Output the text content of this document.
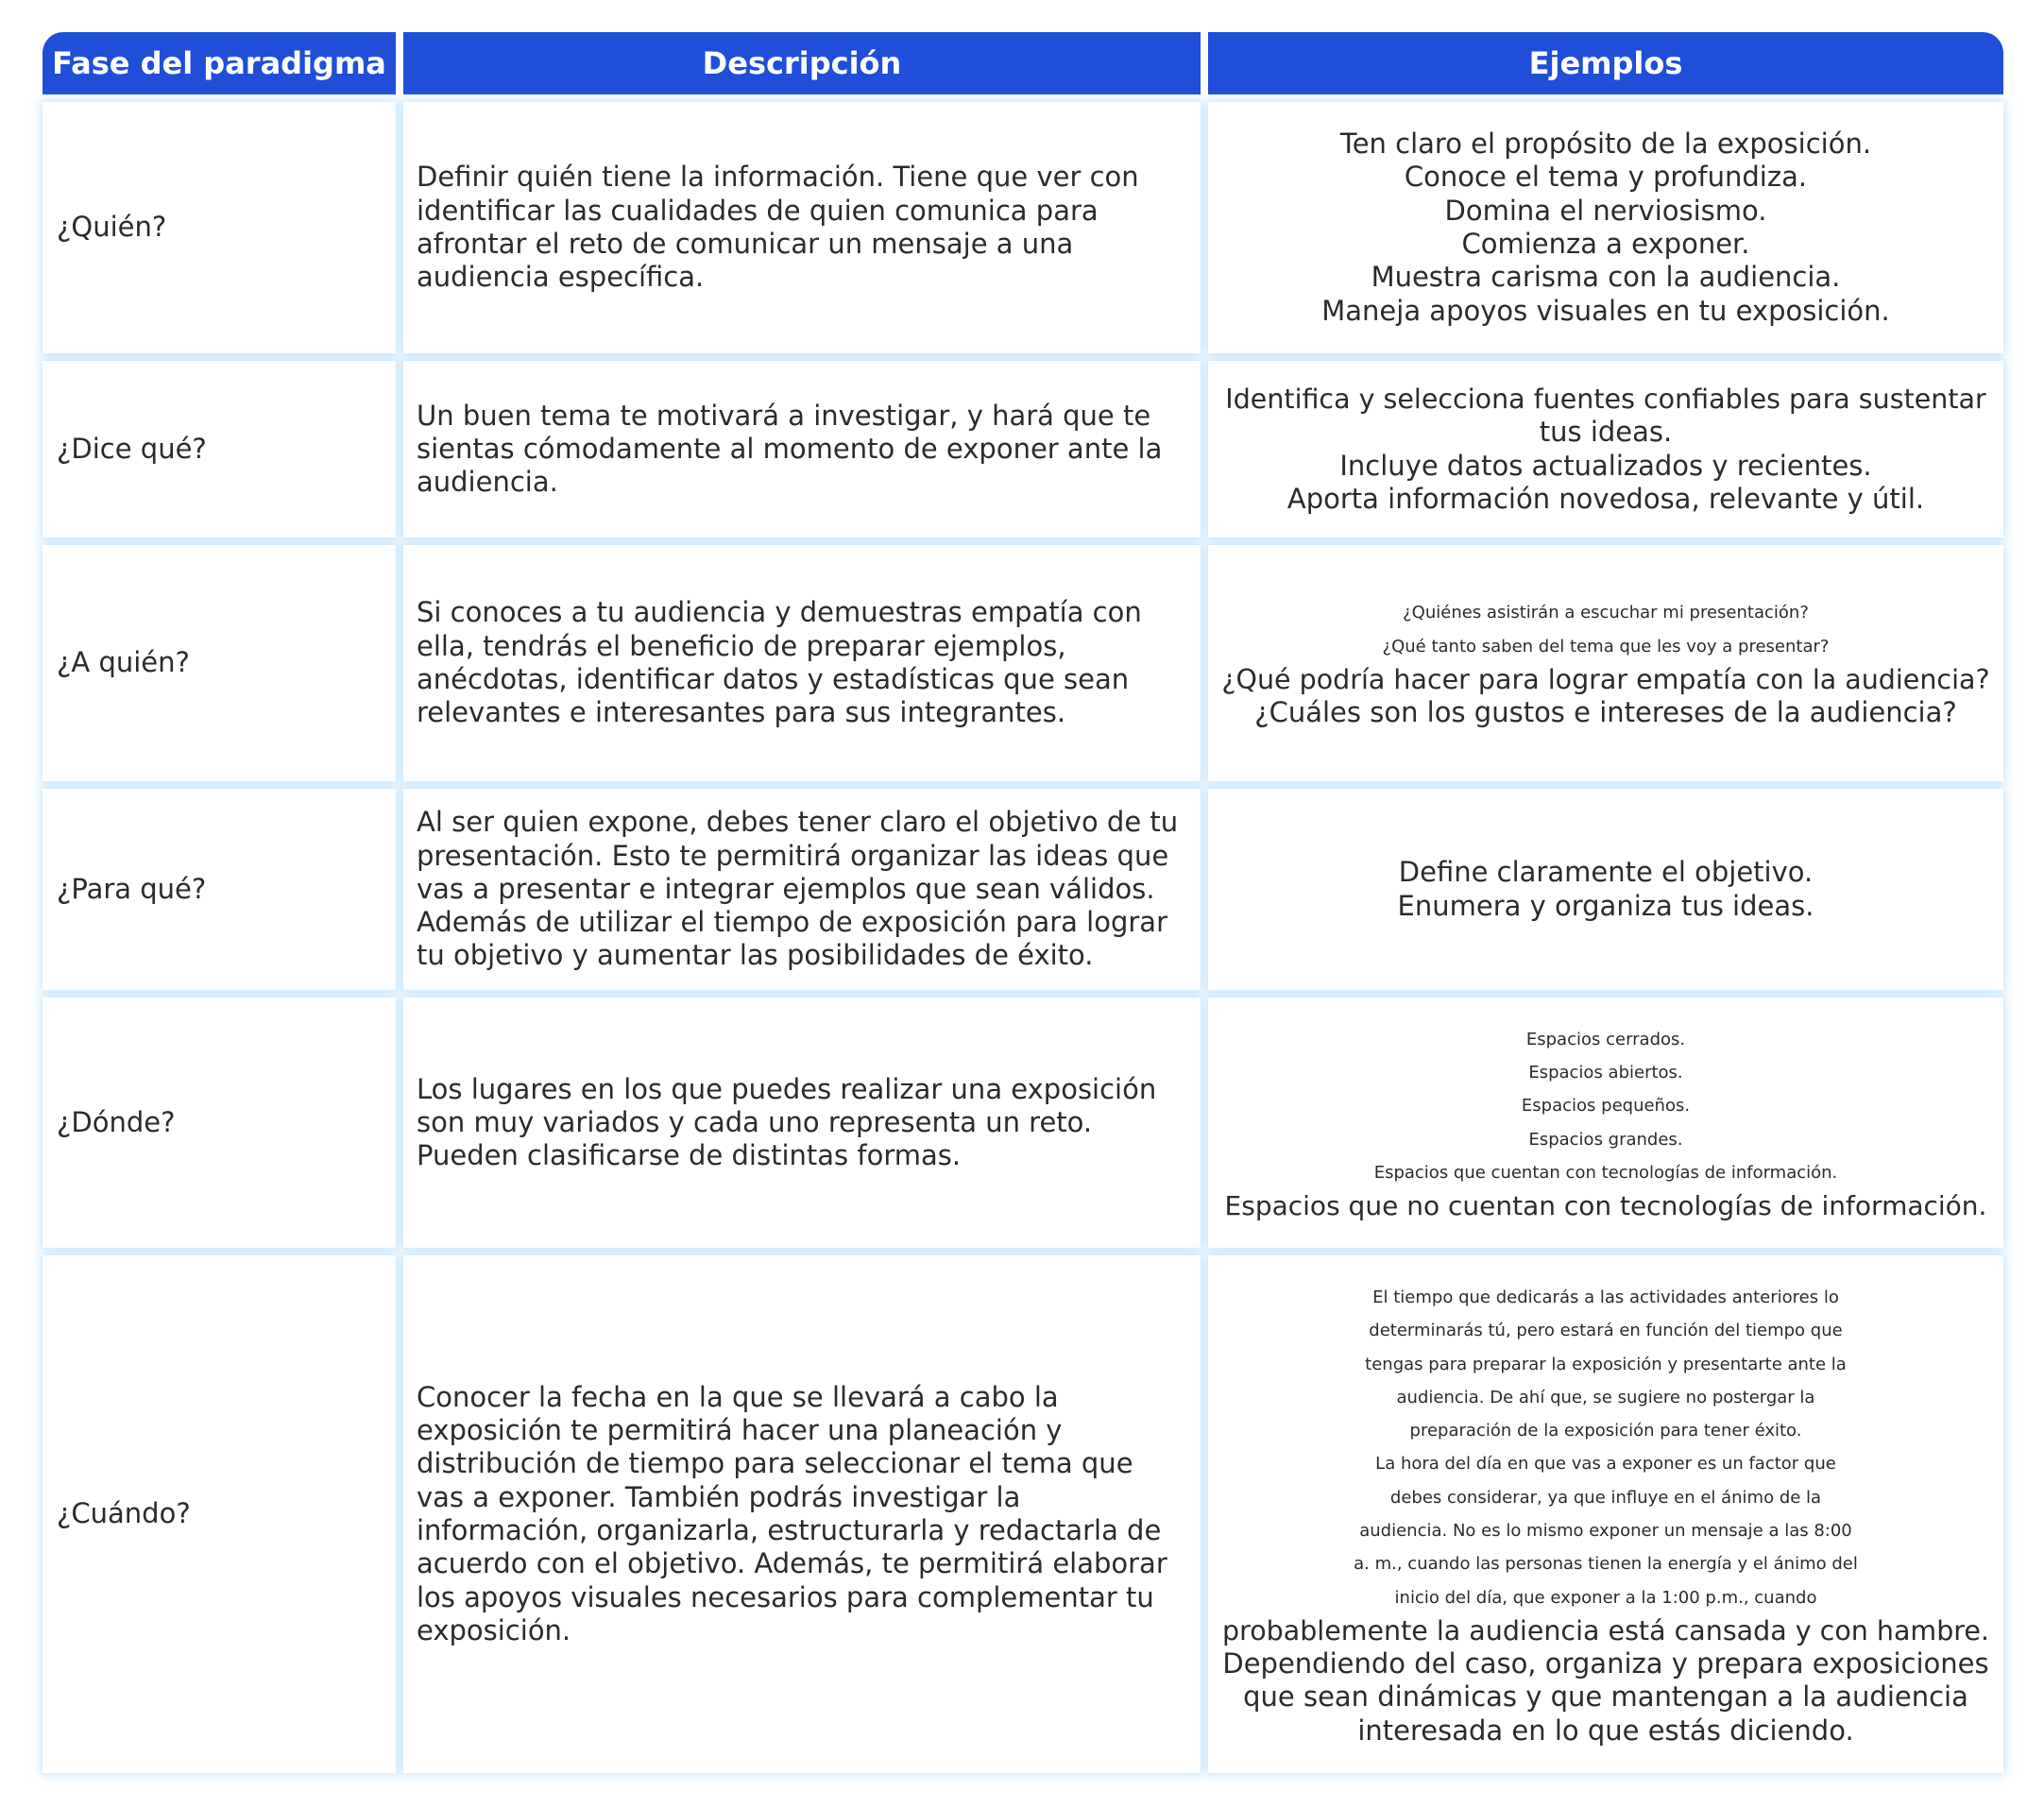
Fase del paradigma	Descripción	Ejemplos
¿Quién?
Definir quién tiene la información. Tiene que ver con identificar las cualidades de quien comunica para afrontar el reto de comunicar un mensaje a una audiencia específica.
Ten claro el propósito de la exposición.
Conoce el tema y profundiza.
Domina el nerviosismo.
Comienza a exponer.
Muestra carisma con la audiencia.
Maneja apoyos visuales en tu exposición.
¿Dice qué?
Un buen tema te motivará a investigar, y hará que te sientas cómodamente al momento de exponer ante la audiencia.
Identifica y selecciona fuentes confiables para sustentar
tus ideas.
Incluye datos actualizados y recientes.
Aporta información novedosa, relevante y útil.
¿A quién?
Si conoces a tu audiencia y demuestras empatía con ella, tendrás el beneficio de preparar ejemplos, anécdotas, identificar datos y estadísticas que sean relevantes e interesantes para sus integrantes.
¿Quiénes asistirán a escuchar mi presentación?
¿Qué tanto saben del tema que les voy a presentar?
¿Qué podría hacer para lograr empatía con la audiencia?
¿Cuáles son los gustos e intereses de la audiencia?
¿Para qué?
Al ser quien expone, debes tener claro el objetivo de tu presentación. Esto te permitirá organizar las ideas que vas a presentar e integrar ejemplos que sean válidos. Además de utilizar el tiempo de exposición para lograr tu objetivo y aumentar las posibilidades de éxito.
Define claramente el objetivo.
Enumera y organiza tus ideas.
¿Dónde?
Los lugares en los que puedes realizar una exposición son muy variados y cada uno representa un reto. Pueden clasificarse de distintas formas.
Espacios cerrados.
Espacios abiertos.
Espacios pequeños.
Espacios grandes.
Espacios que cuentan con tecnologías de información.
Espacios que no cuentan con tecnologías de información.
¿Cuándo?
Conocer la fecha en la que se llevará a cabo la exposición te permitirá hacer una planeación y distribución de tiempo para seleccionar el tema que vas a exponer. También podrás investigar la información, organizarla, estructurarla y redactarla de acuerdo con el objetivo. Además, te permitirá elaborar los apoyos visuales necesarios para complementar tu exposición.
El tiempo que dedicarás a las actividades anteriores lo
determinarás tú, pero estará en función del tiempo que
tengas para preparar la exposición y presentarte ante la
audiencia. De ahí que, se sugiere no postergar la
preparación de la exposición para tener éxito.
La hora del día en que vas a exponer es un factor que
debes considerar, ya que influye en el ánimo de la
audiencia. No es lo mismo exponer un mensaje a las 8:00
a. m., cuando las personas tienen la energía y el ánimo del
inicio del día, que exponer a la 1:00 p.m., cuando
probablemente la audiencia está cansada y con hambre.
Dependiendo del caso, organiza y prepara exposiciones
que sean dinámicas y que mantengan a la audiencia
interesada en lo que estás diciendo.
